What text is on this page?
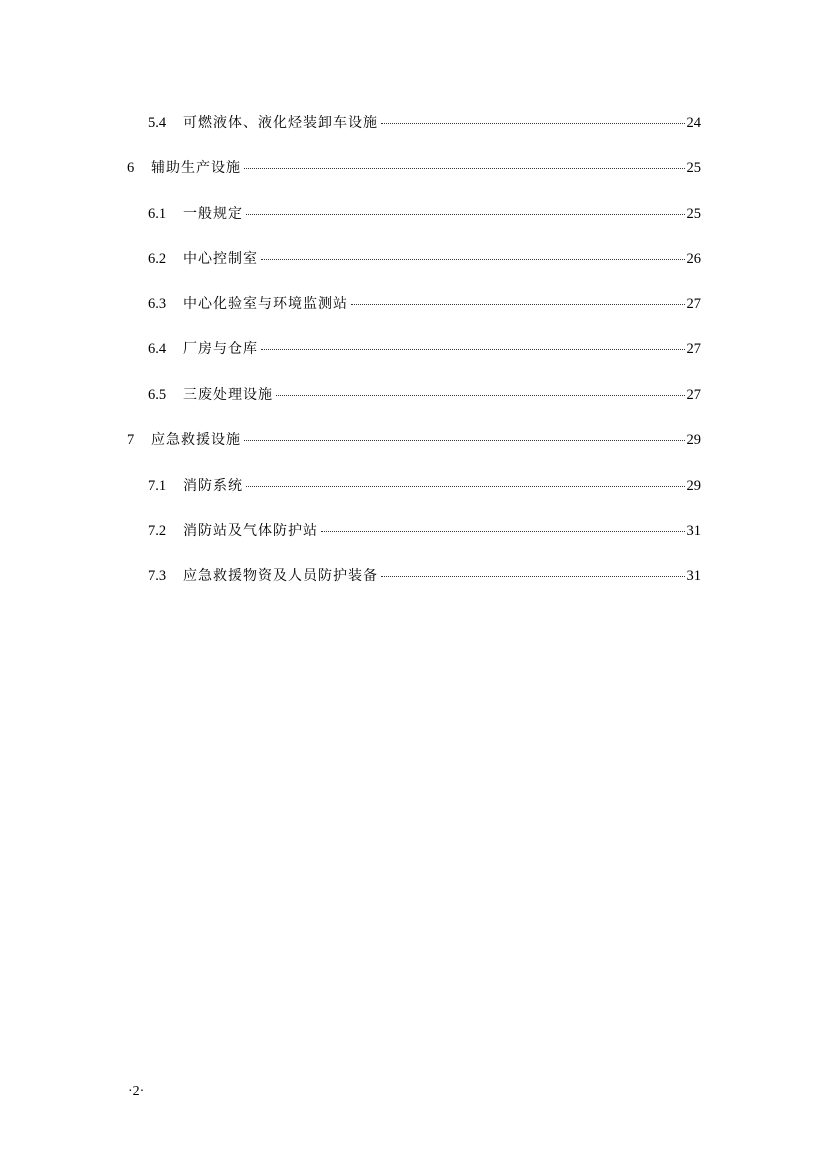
5.4	可燃液体、液化烃装卸车设施	24
6	辅助生产设施	25
6.1	一般规定	25
6.2	中心控制室	26
6.3	中心化验室与环境监测站	27
6.4	厂房与仓库	27
6.5	三废处理设施	27
7	应急救援设施	29
7.1	消防系统	29
7.2	消防站及气体防护站	31
7.3	应急救援物资及人员防护装备	31
·2·
